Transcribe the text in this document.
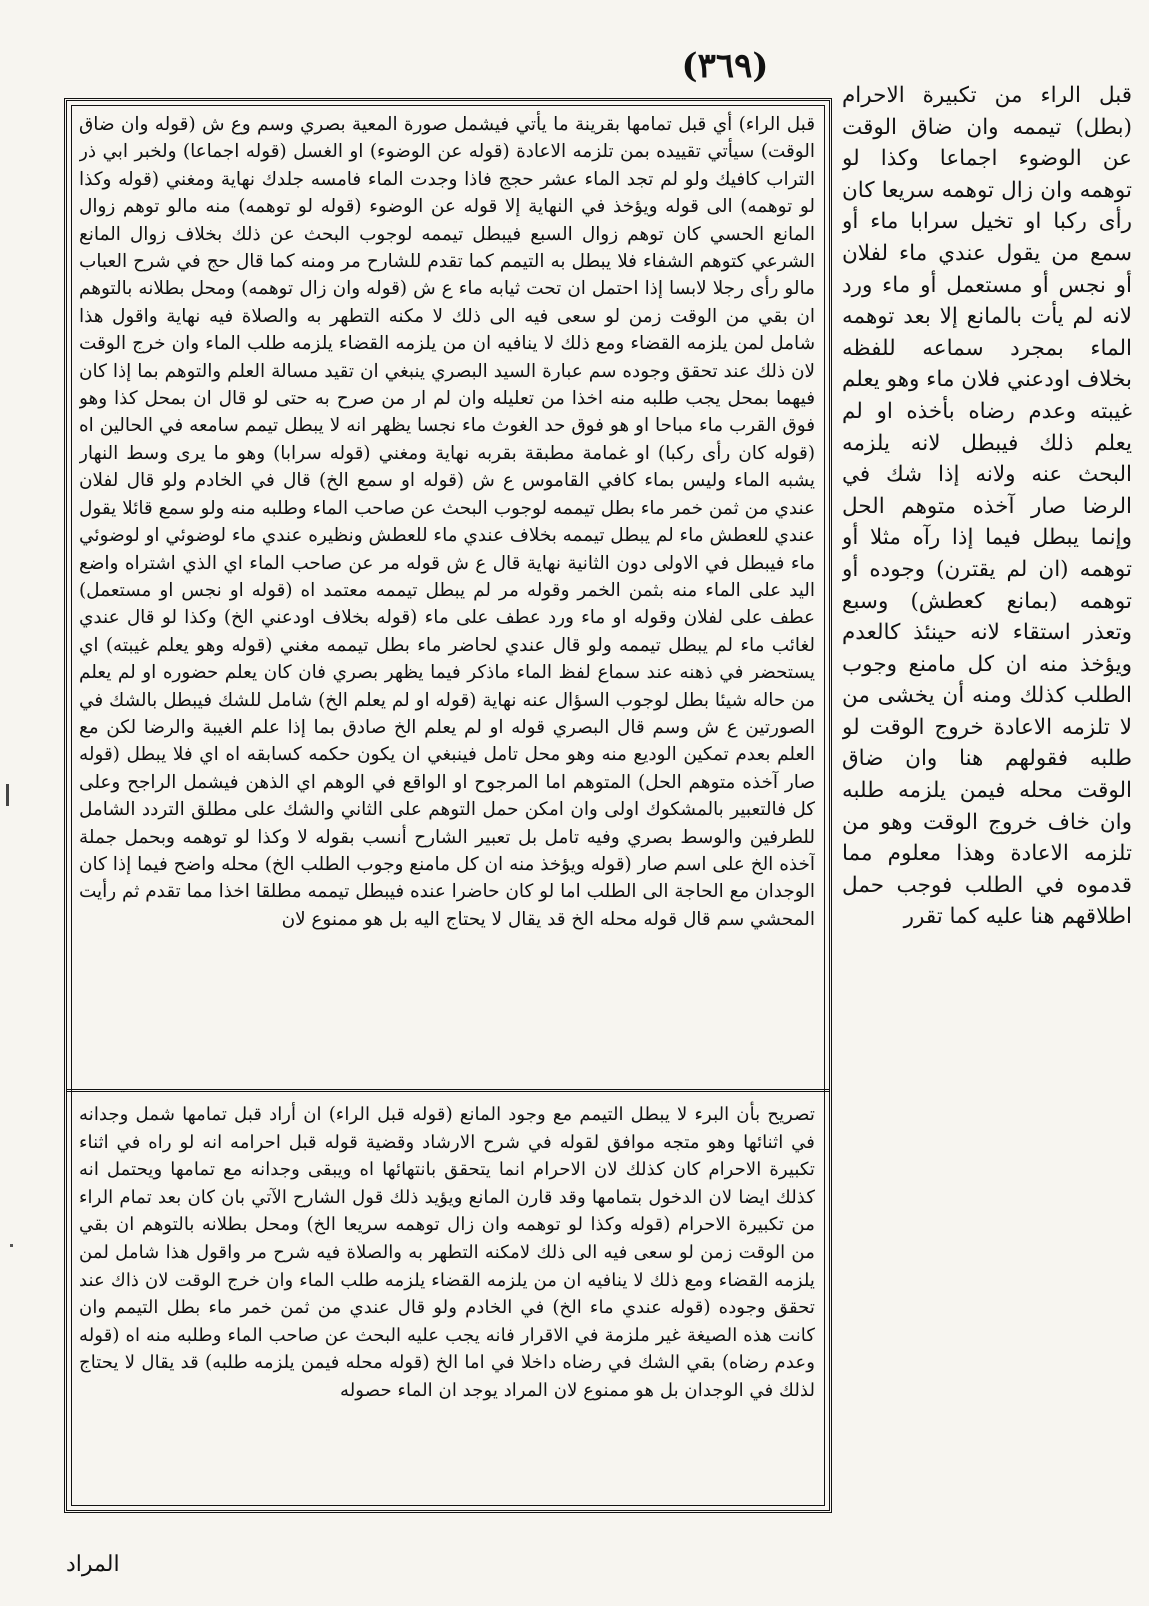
(٣٦٩)
قبل الراء) أي قبل تمامها بقرينة ما يأتي فيشمل صورة المعية بصري وسم وع ش (قوله وان ضاق الوقت) سيأتي تقييده بمن تلزمه الاعادة (قوله عن الوضوء) او الغسل (قوله اجماعا) ولخبر ابي ذر التراب كافيك ولو لم تجد الماء عشر حجج فاذا وجدت الماء فامسه جلدك نهاية ومغني (قوله وكذا لو توهمه) الى قوله ويؤخذ في النهاية إلا قوله عن الوضوء (قوله لو توهمه) منه مالو توهم زوال المانع الحسي كان توهم زوال السبع فيبطل تيممه لوجوب البحث عن ذلك بخلاف زوال المانع الشرعي كتوهم الشفاء فلا يبطل به التيمم كما تقدم للشارح مر ومنه كما قال حج في شرح العباب مالو رأى رجلا لابسا إذا احتمل ان تحت ثيابه ماء ع ش (قوله وان زال توهمه) ومحل بطلانه بالتوهم ان بقي من الوقت زمن لو سعى فيه الى ذلك لا مكنه التطهر به والصلاة فيه نهاية واقول هذا شامل لمن يلزمه القضاء ومع ذلك لا ينافيه ان من يلزمه القضاء يلزمه طلب الماء وان خرج الوقت لان ذلك عند تحقق وجوده سم عبارة السيد البصري ينبغي ان تقيد مسالة العلم والتوهم بما إذا كان فيهما بمحل يجب طلبه منه اخذا من تعليله وان لم ار من صرح به حتى لو قال ان بمحل كذا وهو فوق القرب ماء مباحا او هو فوق حد الغوث ماء نجسا يظهر انه لا يبطل تيمم سامعه في الحالين اه (قوله كان رأى ركبا) او غمامة مطبقة بقربه نهاية ومغني (قوله سرابا) وهو ما يرى وسط النهار يشبه الماء وليس بماء كافي القاموس ع ش (قوله او سمع الخ) قال في الخادم ولو قال لفلان عندي من ثمن خمر ماء بطل تيممه لوجوب البحث عن صاحب الماء وطلبه منه ولو سمع قائلا يقول عندي للعطش ماء لم يبطل تيممه بخلاف عندي ماء للعطش ونظيره عندي ماء لوضوئي او لوضوئي ماء فيبطل في الاولى دون الثانية نهاية قال ع ش قوله مر عن صاحب الماء اي الذي اشتراه واضع اليد على الماء منه بثمن الخمر وقوله مر لم يبطل تيممه معتمد اه (قوله او نجس او مستعمل) عطف على لفلان وقوله او ماء ورد عطف على ماء (قوله بخلاف اودعني الخ) وكذا لو قال عندي لغائب ماء لم يبطل تيممه ولو قال عندي لحاضر ماء بطل تيممه مغني (قوله وهو يعلم غيبته) اي يستحضر في ذهنه عند سماع لفظ الماء ماذكر فيما يظهر بصري فان كان يعلم حضوره او لم يعلم من حاله شيئا بطل لوجوب السؤال عنه نهاية (قوله او لم يعلم الخ) شامل للشك فيبطل بالشك في الصورتين ع ش وسم قال البصري قوله او لم يعلم الخ صادق بما إذا علم الغيبة والرضا لكن مع العلم بعدم تمكين الوديع منه وهو محل تامل فينبغي ان يكون حكمه كسابقه اه اي فلا يبطل (قوله صار آخذه متوهم الحل) المتوهم اما المرجوح او الواقع في الوهم اي الذهن فيشمل الراجح وعلى كل فالتعبير بالمشكوك اولى وان امكن حمل التوهم على الثاني والشك على مطلق التردد الشامل للطرفين والوسط بصري وفيه تامل بل تعبير الشارح أنسب بقوله لا وكذا لو توهمه وبحمل جملة آخذه الخ على اسم صار (قوله ويؤخذ منه ان كل مامنع وجوب الطلب الخ) محله واضح فيما إذا كان الوجدان مع الحاجة الى الطلب اما لو كان حاضرا عنده فيبطل تيممه مطلقا اخذا مما تقدم ثم رأيت المحشي سم قال قوله محله الخ قد يقال لا يحتاج اليه بل هو ممنوع لان
تصريح بأن البرء لا يبطل التيمم مع وجود المانع (قوله قبل الراء) ان أراد قبل تمامها شمل وجدانه في اثنائها وهو متجه موافق لقوله في شرح الارشاد وقضية قوله قبل احرامه انه لو راه في اثناء تكبيرة الاحرام كان كذلك لان الاحرام انما يتحقق بانتهائها اه ويبقى وجدانه مع تمامها ويحتمل انه كذلك ايضا لان الدخول بتمامها وقد قارن المانع ويؤيد ذلك قول الشارح الآتي بان كان بعد تمام الراء من تكبيرة الاحرام (قوله وكذا لو توهمه وان زال توهمه سريعا الخ) ومحل بطلانه بالتوهم ان بقي من الوقت زمن لو سعى فيه الى ذلك لامكنه التطهر به والصلاة فيه شرح مر واقول هذا شامل لمن يلزمه القضاء ومع ذلك لا ينافيه ان من يلزمه القضاء يلزمه طلب الماء وان خرج الوقت لان ذاك عند تحقق وجوده (قوله عندي ماء الخ) في الخادم ولو قال عندي من ثمن خمر ماء بطل التيمم وان كانت هذه الصيغة غير ملزمة في الاقرار فانه يجب عليه البحث عن صاحب الماء وطلبه منه اه (قوله وعدم رضاه) بقي الشك في رضاه داخلا في اما الخ (قوله محله فيمن يلزمه طلبه) قد يقال لا يحتاج لذلك في الوجدان بل هو ممنوع لان المراد يوجد ان الماء حصوله
قبل الراء من تكبيرة الاحرام (بطل) تيممه وان ضاق الوقت عن الوضوء اجماعا وكذا لو توهمه وان زال توهمه سريعا كان رأى ركبا او تخيل سرابا ماء أو سمع من يقول عندي ماء لفلان أو نجس أو مستعمل أو ماء ورد لانه لم يأت بالمانع إلا بعد توهمه الماء بمجرد سماعه للفظه بخلاف اودعني فلان ماء وهو يعلم غيبته وعدم رضاه بأخذه او لم يعلم ذلك فيبطل لانه يلزمه البحث عنه ولانه إذا شك في الرضا صار آخذه متوهم الحل وإنما يبطل فيما إذا رآه مثلا أو توهمه (ان لم يقترن) وجوده أو توهمه (بمانع كعطش) وسبع وتعذر استقاء لانه حينئذ كالعدم ويؤخذ منه ان كل مامنع وجوب الطلب كذلك ومنه أن يخشى من لا تلزمه الاعادة خروج الوقت لو طلبه فقولهم هنا وان ضاق الوقت محله فيمن يلزمه طلبه وان خاف خروج الوقت وهو من تلزمه الاعادة وهذا معلوم مما قدموه في الطلب فوجب حمل اطلاقهم هنا عليه كما تقرر
المراد
